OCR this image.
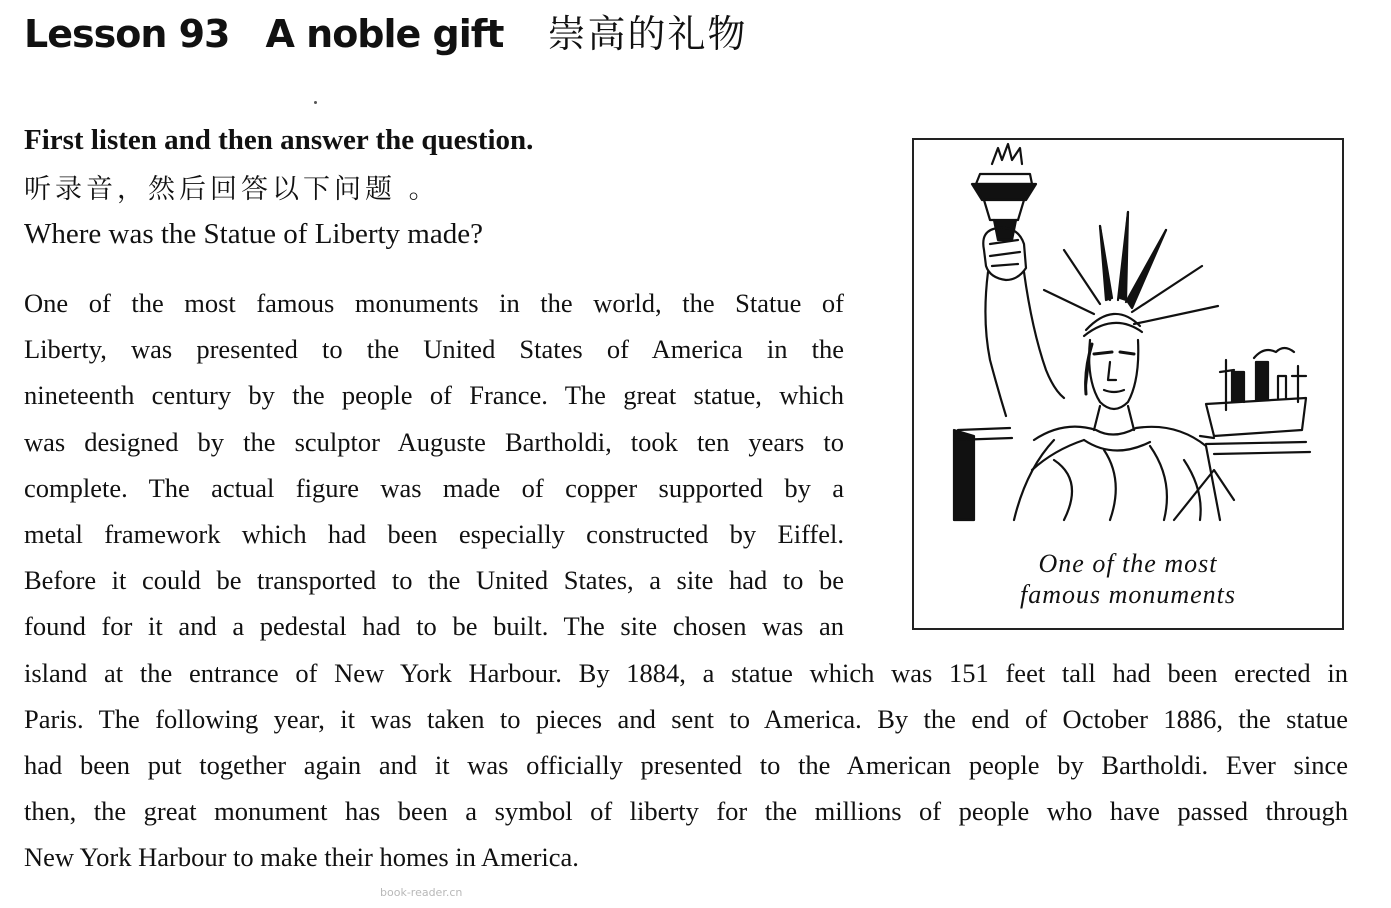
Lesson 93 A noble gift 崇高的礼物
First listen and then answer the question.
听录音，然后回答以下问题 。
Where was the Statue of Liberty made?
One of the most famous monuments in the world, the Statue of
Liberty, was presented to the United States of America in the
nineteenth century by the people of France. The great statue, which
was designed by the sculptor Auguste Bartholdi, took ten years to
complete. The actual figure was made of copper supported by a
metal framework which had been especially constructed by Eiffel.
Before it could be transported to the United States, a site had to be
found for it and a pedestal had to be built. The site chosen was an
island at the entrance of New York Harbour. By 1884, a statue which was 151 feet tall had been erected in
Paris. The following year, it was taken to pieces and sent to America. By the end of October 1886, the statue
had been put together again and it was officially presented to the American people by Bartholdi. Ever since
then, the great monument has been a symbol of liberty for the millions of people who have passed through
New York Harbour to make their homes in America.
One of the most
famous monuments
book-reader.cn
